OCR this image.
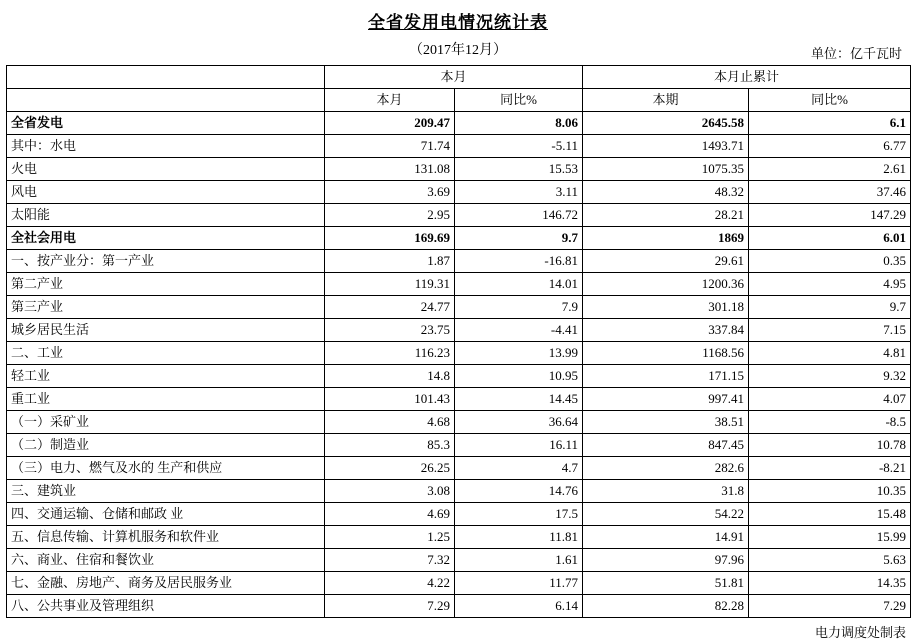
全省发用电情况统计表
（2017年12月）	单位：亿千瓦时
	本月		本月止累计	
	本月	同比%	本期	同比%
全省发电	209.47	8.06	2645.58	6.1
其中：水电	71.74	-5.11	1493.71	6.77
火电	131.08	15.53	1075.35	2.61
风电	3.69	3.11	48.32	37.46
太阳能	2.95	146.72	28.21	147.29
全社会用电	169.69	9.7	1869	6.01
一、按产业分：第一产业	1.87	-16.81	29.61	0.35
第二产业	119.31	14.01	1200.36	4.95
第三产业	24.77	7.9	301.18	9.7
城乡居民生活	23.75	-4.41	337.84	7.15
二、工业	116.23	13.99	1168.56	4.81
轻工业	14.8	10.95	171.15	9.32
重工业	101.43	14.45	997.41	4.07
（一）采矿业	4.68	36.64	38.51	-8.5
（二）制造业	85.3	16.11	847.45	10.78
（三）电力、燃气及水的 生产和供应	26.25	4.7	282.6	-8.21
三、建筑业	3.08	14.76	31.8	10.35
四、交通运输、仓储和邮政 业	4.69	17.5	54.22	15.48
五、信息传输、计算机服务和软件业	1.25	11.81	14.91	15.99
六、商业、住宿和餐饮业	7.32	1.61	97.96	5.63
七、金融、房地产、商务及居民服务业	4.22	11.77	51.81	14.35
八、公共事业及管理组织	7.29	6.14	82.28	7.29
电力调度处制表
